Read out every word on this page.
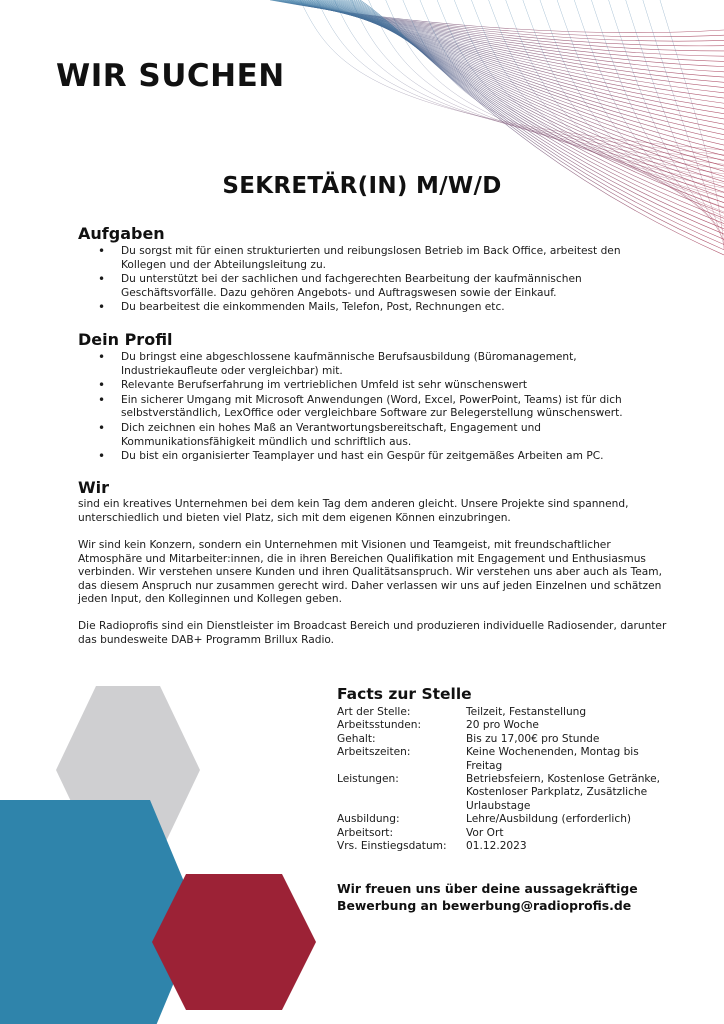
WIR SUCHEN
SEKRETÄR(IN) M/W/D
Aufgaben
• Du sorgst mit für einen strukturierten und reibungslosen Betrieb im Back Office, arbeitest den Kollegen und der Abteilungsleitung zu.
• Du unterstützt bei der sachlichen und fachgerechten Bearbeitung der kaufmännischen Geschäftsvorfälle. Dazu gehören Angebots- und Auftragswesen sowie der Einkauf.
• Du bearbeitest die einkommenden Mails, Telefon, Post, Rechnungen etc.
Dein Profil
• Du bringst eine abgeschlossene kaufmännische Berufsausbildung (Büromanagement, Industriekaufleute oder vergleichbar) mit.
• Relevante Berufserfahrung im vertrieblichen Umfeld ist sehr wünschenswert
• Ein sicherer Umgang mit Microsoft Anwendungen (Word, Excel, PowerPoint, Teams) ist für dich selbstverständlich, LexOffice oder vergleichbare Software zur Belegerstellung wünschenswert.
• Dich zeichnen ein hohes Maß an Verantwortungsbereitschaft, Engagement und Kommunikationsfähigkeit mündlich und schriftlich aus.
• Du bist ein organisierter Teamplayer und hast ein Gespür für zeitgemäßes Arbeiten am PC.
Wir
sind ein kreatives Unternehmen bei dem kein Tag dem anderen gleicht. Unsere Projekte sind spannend, unterschiedlich und bieten viel Platz, sich mit dem eigenen Können einzubringen.
Wir sind kein Konzern, sondern ein Unternehmen mit Visionen und Teamgeist, mit freundschaftlicher Atmosphäre und Mitarbeiter:innen, die in ihren Bereichen Qualifikation mit Engagement und Enthusiasmus verbinden. Wir verstehen unsere Kunden und ihren Qualitätsanspruch. Wir verstehen uns aber auch als Team, das diesem Anspruch nur zusammen gerecht wird. Daher verlassen wir uns auf jeden Einzelnen und schätzen jeden Input, den Kolleginnen und Kollegen geben.
Die Radioprofis sind ein Dienstleister im Broadcast Bereich und produzieren individuelle Radiosender, darunter das bundesweite DAB+ Programm Brillux Radio.
Facts zur Stelle
Art der Stelle:	Teilzeit, Festanstellung
Arbeitsstunden:	20 pro Woche
Gehalt:	Bis zu 17,00€ pro Stunde
Arbeitszeiten:	Keine Wochenenden, Montag bis Freitag
Leistungen:	Betriebsfeiern, Kostenlose Getränke, Kostenloser Parkplatz, Zusätzliche Urlaubstage
Ausbildung:	Lehre/Ausbildung (erforderlich)
Arbeitsort:	Vor Ort
Vrs. Einstiegsdatum:	01.12.2023
Wir freuen uns über deine aussagekräftige
Bewerbung an bewerbung@radioprofis.de
